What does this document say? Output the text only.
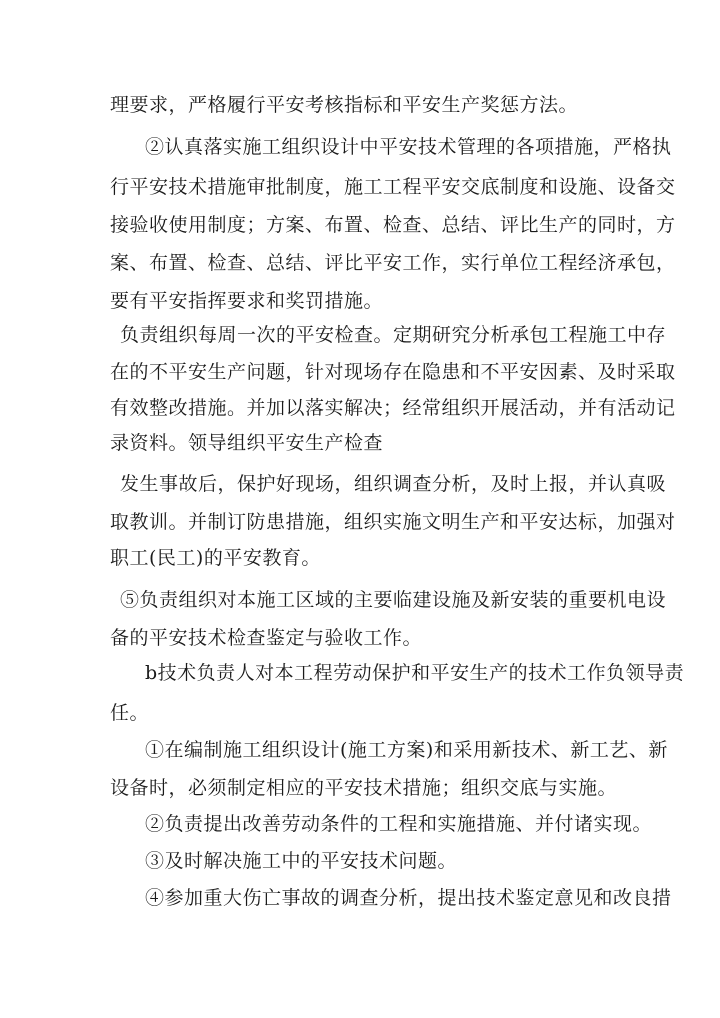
理要求，严格履行平安考核指标和平安生产奖惩方法。
②认真落实施工组织设计中平安技术管理的各项措施，严格执
行平安技术措施审批制度，施工工程平安交底制度和设施、设备交
接验收使用制度；方案、布置、检查、总结、评比生产的同时，方
案、布置、检查、总结、评比平安工作，实行单位工程经济承包，
要有平安指挥要求和奖罚措施。
负责组织每周一次的平安检查。定期研究分析承包工程施工中存
在的不平安生产问题，针对现场存在隐患和不平安因素、及时采取
有效整改措施。并加以落实解决；经常组织开展活动，并有活动记
录资料。领导组织平安生产检查
发生事故后，保护好现场，组织调查分析，及时上报，并认真吸
取教训。并制订防患措施，组织实施文明生产和平安达标，加强对
职工(民工)的平安教育。
⑤负责组织对本施工区域的主要临建设施及新安装的重要机电设
备的平安技术检查鉴定与验收工作。
b技术负责人对本工程劳动保护和平安生产的技术工作负领导责
任。
①在编制施工组织设计(施工方案)和采用新技术、新工艺、新
设备时，必须制定相应的平安技术措施；组织交底与实施。
②负责提出改善劳动条件的工程和实施措施、并付诸实现。
③及时解决施工中的平安技术问题。
④参加重大伤亡事故的调查分析，提出技术鉴定意见和改良措
